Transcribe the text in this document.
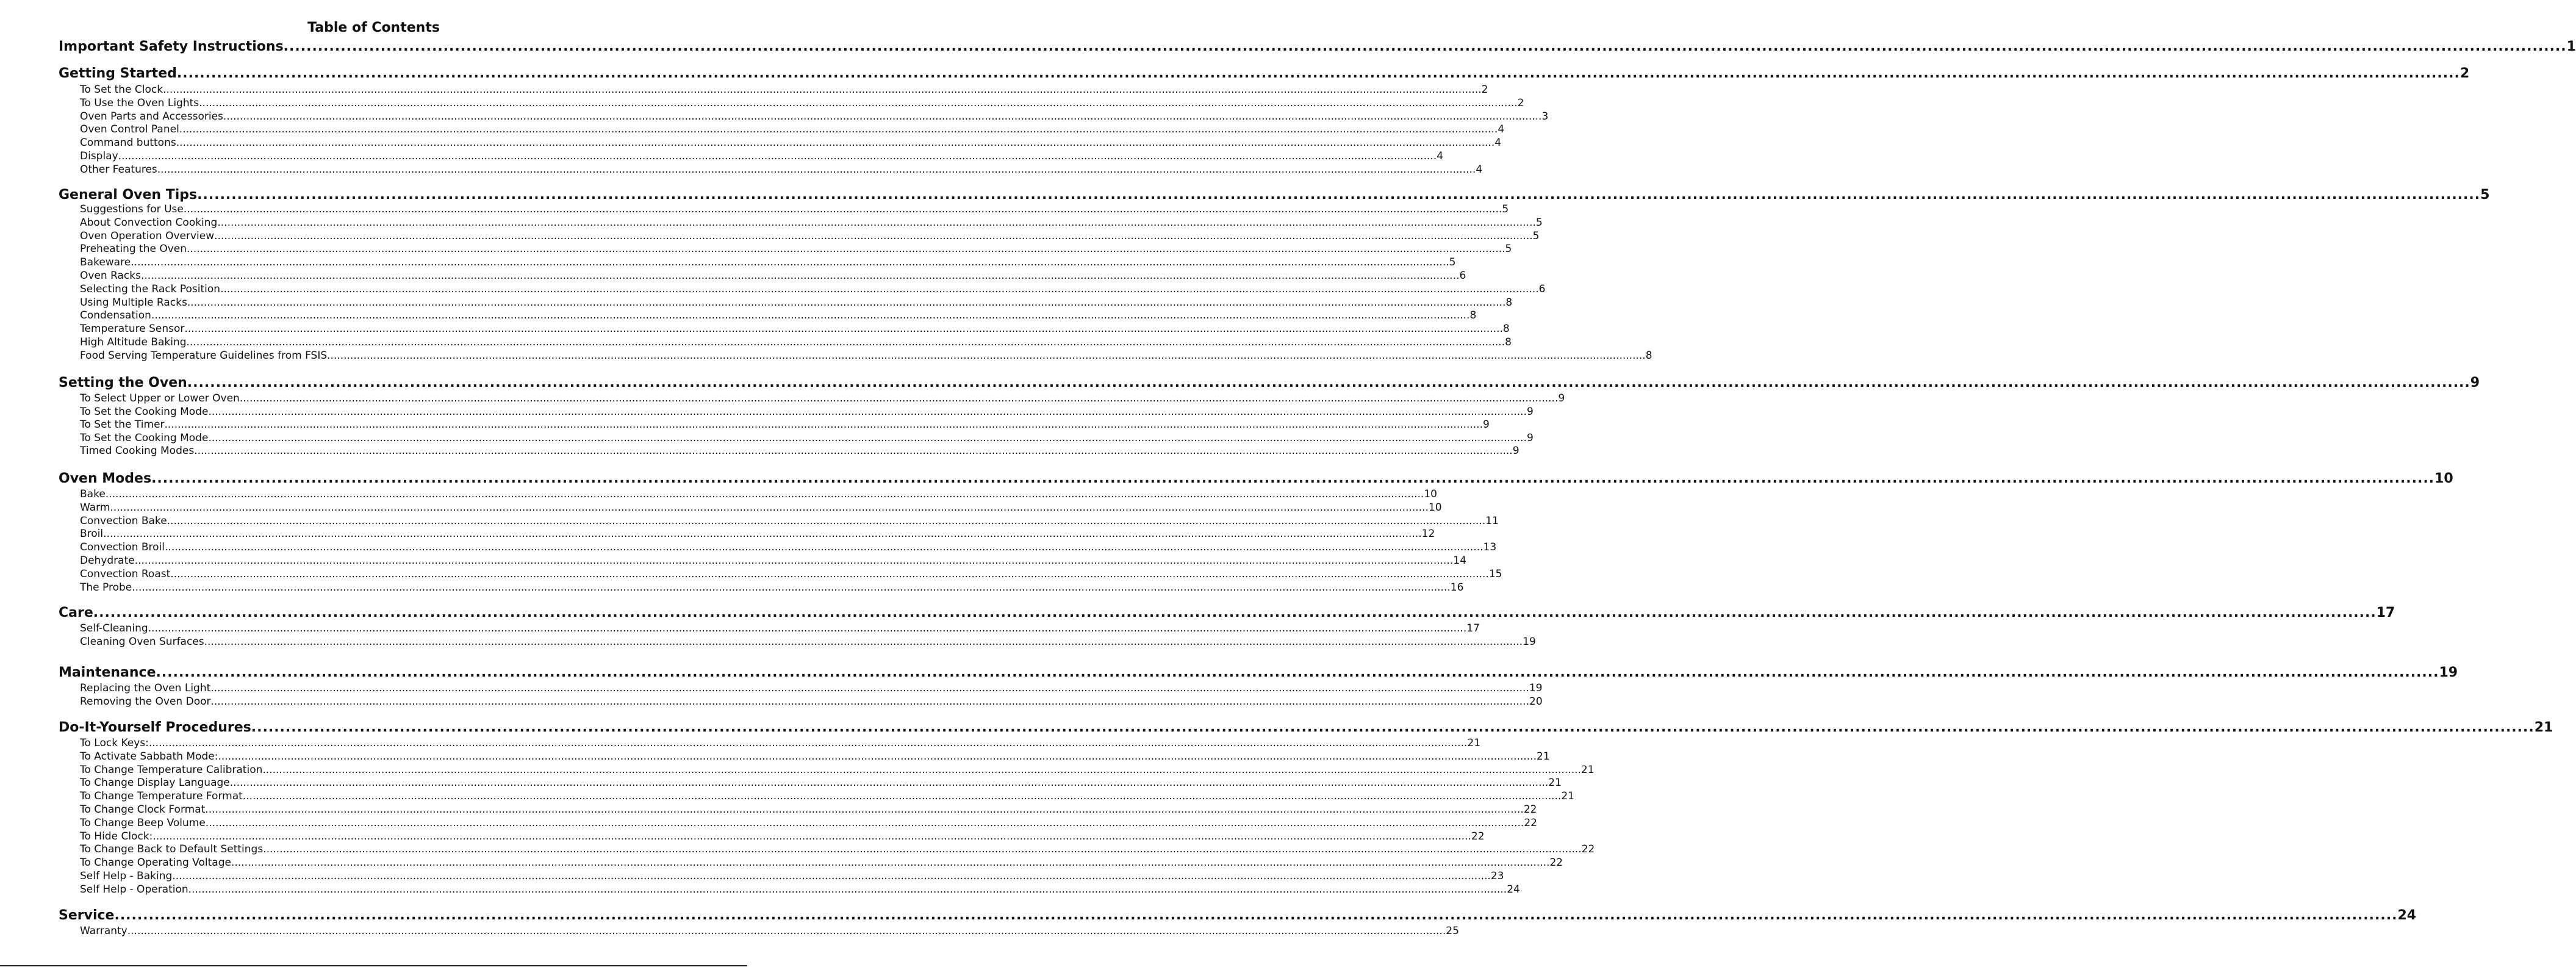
Table of Contents
Important Safety Instructions ................................................................................................................................................................................................................................................................................................................................................................................................................ 1
Getting Started ................................................................................................................................................................................................................................................................................................................................................................................................................ 2
To Set the Clock ................................................................................................................................................................................................................................................................................................................................................................................................................ 2
To Use the Oven Lights ................................................................................................................................................................................................................................................................................................................................................................................................................ 2
Oven Parts and Accessories ................................................................................................................................................................................................................................................................................................................................................................................................................ 3
Oven Control Panel ................................................................................................................................................................................................................................................................................................................................................................................................................ 4
Command buttons ................................................................................................................................................................................................................................................................................................................................................................................................................ 4
Display ................................................................................................................................................................................................................................................................................................................................................................................................................ 4
Other Features ................................................................................................................................................................................................................................................................................................................................................................................................................ 4
General Oven Tips ................................................................................................................................................................................................................................................................................................................................................................................................................ 5
Suggestions for Use ................................................................................................................................................................................................................................................................................................................................................................................................................ 5
About Convection Cooking ................................................................................................................................................................................................................................................................................................................................................................................................................ 5
Oven Operation Overview ................................................................................................................................................................................................................................................................................................................................................................................................................ 5
Preheating the Oven ................................................................................................................................................................................................................................................................................................................................................................................................................ 5
Bakeware ................................................................................................................................................................................................................................................................................................................................................................................................................ 5
Oven Racks ................................................................................................................................................................................................................................................................................................................................................................................................................ 6
Selecting the Rack Position ................................................................................................................................................................................................................................................................................................................................................................................................................ 6
Using Multiple Racks ................................................................................................................................................................................................................................................................................................................................................................................................................ 8
Condensation ................................................................................................................................................................................................................................................................................................................................................................................................................ 8
Temperature Sensor ................................................................................................................................................................................................................................................................................................................................................................................................................ 8
High Altitude Baking ................................................................................................................................................................................................................................................................................................................................................................................................................ 8
Food Serving Temperature Guidelines from FSIS ................................................................................................................................................................................................................................................................................................................................................................................................................ 8
Setting the Oven ................................................................................................................................................................................................................................................................................................................................................................................................................ 9
To Select Upper or Lower Oven ................................................................................................................................................................................................................................................................................................................................................................................................................ 9
To Set the Cooking Mode ................................................................................................................................................................................................................................................................................................................................................................................................................ 9
To Set the Timer ................................................................................................................................................................................................................................................................................................................................................................................................................ 9
To Set the Cooking Mode ................................................................................................................................................................................................................................................................................................................................................................................................................ 9
Timed Cooking Modes ................................................................................................................................................................................................................................................................................................................................................................................................................ 9
Oven Modes ................................................................................................................................................................................................................................................................................................................................................................................................................ 10
Bake ................................................................................................................................................................................................................................................................................................................................................................................................................ 10
Warm ................................................................................................................................................................................................................................................................................................................................................................................................................ 10
Convection Bake ................................................................................................................................................................................................................................................................................................................................................................................................................ 11
Broil ................................................................................................................................................................................................................................................................................................................................................................................................................ 12
Convection Broil ................................................................................................................................................................................................................................................................................................................................................................................................................ 13
Dehydrate ................................................................................................................................................................................................................................................................................................................................................................................................................ 14
Convection Roast ................................................................................................................................................................................................................................................................................................................................................................................................................ 15
The Probe ................................................................................................................................................................................................................................................................................................................................................................................................................ 16
Care ................................................................................................................................................................................................................................................................................................................................................................................................................ 17
Self-Cleaning ................................................................................................................................................................................................................................................................................................................................................................................................................ 17
Cleaning Oven Surfaces ................................................................................................................................................................................................................................................................................................................................................................................................................ 19
Maintenance ................................................................................................................................................................................................................................................................................................................................................................................................................ 19
Replacing the Oven Light ................................................................................................................................................................................................................................................................................................................................................................................................................ 19
Removing the Oven Door ................................................................................................................................................................................................................................................................................................................................................................................................................ 20
Do-It-Yourself Procedures ................................................................................................................................................................................................................................................................................................................................................................................................................ 21
To Lock Keys: ................................................................................................................................................................................................................................................................................................................................................................................................................ 21
To Activate Sabbath Mode: ................................................................................................................................................................................................................................................................................................................................................................................................................ 21
To Change Temperature Calibration ................................................................................................................................................................................................................................................................................................................................................................................................................ 21
To Change Display Language ................................................................................................................................................................................................................................................................................................................................................................................................................ 21
To Change Temperature Format ................................................................................................................................................................................................................................................................................................................................................................................................................ 21
To Change Clock Format ................................................................................................................................................................................................................................................................................................................................................................................................................ 22
To Change Beep Volume ................................................................................................................................................................................................................................................................................................................................................................................................................ 22
To Hide Clock: ................................................................................................................................................................................................................................................................................................................................................................................................................ 22
To Change Back to Default Settings ................................................................................................................................................................................................................................................................................................................................................................................................................ 22
To Change Operating Voltage ................................................................................................................................................................................................................................................................................................................................................................................................................ 22
Self Help - Baking ................................................................................................................................................................................................................................................................................................................................................................................................................ 23
Self Help - Operation ................................................................................................................................................................................................................................................................................................................................................................................................................ 24
Service ................................................................................................................................................................................................................................................................................................................................................................................................................ 24
Warranty ................................................................................................................................................................................................................................................................................................................................................................................................................ 25
